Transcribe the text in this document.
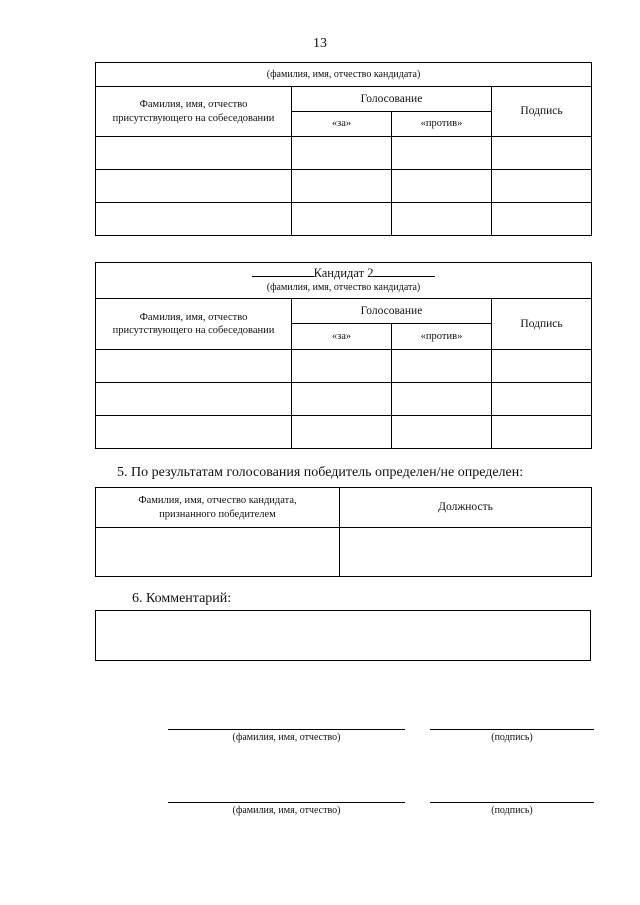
13
(фамилия, имя, отчество кандидата)			

Фамилия, имя, отчество
присутствующего на собеседовании	Голосование		Подпись
	«за»	«против»	

Кандидат 2
(фамилия, имя, отчество кандидата)			

Фамилия, имя, отчество
присутствующего на собеседовании	Голосование		Подпись
	«за»	«против»	

5. По результатам голосования победитель определен/не определен:
Фамилия, имя, отчество кандидата,
признанного победителем	Должность

6. Комментарий:
(фамилия, имя, отчество)	(подпись)
(фамилия, имя, отчество)	(подпись)
